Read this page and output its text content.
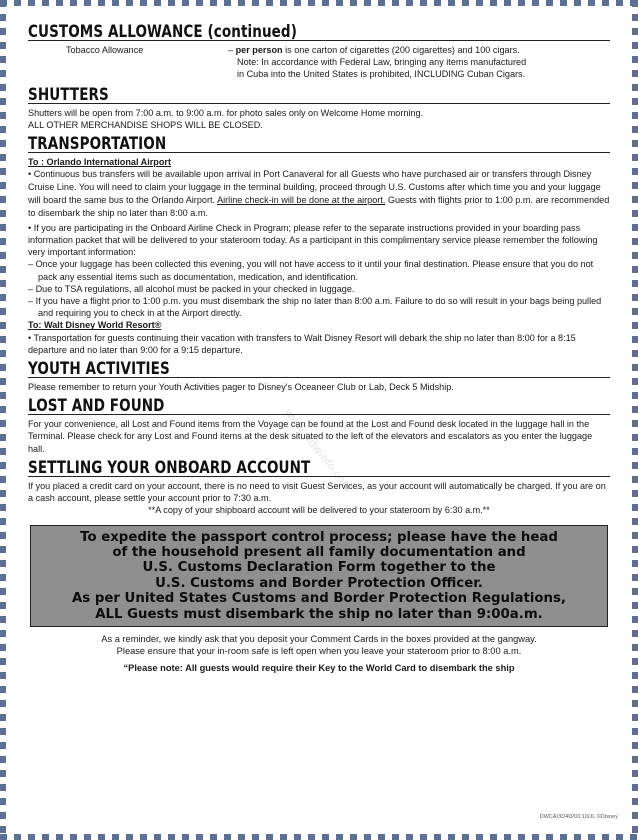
CUSTOMS ALLOWANCE (continued)
Tobacco Allowance	– per person is one carton of cigarettes (200 cigarettes) and 100 cigars.
Note: In accordance with Federal Law, bringing any items manufactured
in Cuba into the United States is prohibited, INCLUDING Cuban Cigars.
SHUTTERS

Shutters will be open from 7:00 a.m. to 9:00 a.m. for photo sales only on Welcome Home morning.

ALL OTHER MERCHANDISE SHOPS WILL BE CLOSED.

TRANSPORTATION

To : Orlando International Airport

• Continuous bus transfers will be available upon arrival in Port Canaveral for all Guests who have purchased air or transfers through Disney Cruise Line. You will need to claim your luggage in the terminal building, proceed through U.S. Customs after which time you and your luggage will board the same bus to the Orlando Airport. Airline check-in will be done at the airport. Guests with flights prior to 1:00 p.m. are recommended to disembark the ship no later than 8:00 a.m.

• If you are participating in the Onboard Airline Check in Program; please refer to the separate instructions provided in your boarding pass information packet that will be delivered to your stateroom today. As a participant in this complimentary service please remember the following very important information:

– Once your luggage has been collected this evening, you will not have access to it until your final destination. Please ensure that you do not pack any essential items such as documentation, medication, and identification.

– Due to TSA regulations, all alcohol must be packed in your checked in luggage.

– If you have a flight prior to 1:00 p.m. you must disembark the ship no later than 8:00 a.m. Failure to do so will result in your bags being pulled and requiring you to check in at the Airport directly.

To: Walt Disney World Resort®

• Transportation for guests continuing their vacation with transfers to Walt Disney Resort will debark the ship no later than 8:00 for a 8:15 departure and no later than 9:00 for a 9:15 departure.

YOUTH ACTIVITIES

Please remember to return your Youth Activities pager to Disney's Oceaneer Club or Lab, Deck 5 Midship.

LOST AND FOUND

For your convenience, all Lost and Found items from the Voyage can be found at the Lost and Found desk located in the luggage hall in the Terminal. Please check for any Lost and Found items at the desk situated to the left of the elevators and escalators as you enter the luggage hall.

SETTLING YOUR ONBOARD ACCOUNT

If you placed a credit card on your account, there is no need to visit Guest Services, as your account will automatically be charged. If you are on a cash account, please settle your account prior to 7:30 a.m.

**A copy of your shipboard account will be delivered to your stateroom by 6:30 a.m.**

To expedite the passport control process; please have the head
of the household present all family documentation and
U.S. Customs Declaration Form together to the
U.S. Customs and Border Protection Officer.
As per United States Customs and Border Protection Regulations,
ALL Guests must disembark the ship no later than 9:00a.m.

As a reminder, we kindly ask that you deposit your Comment Cards in the boxes provided at the gangway.

Please ensure that your in-room safe is left open when you leave your stateroom prior to 8:00 a.m.

“Please note: All guests would require their Key to the World Card to disembark the ship

www.wdwinfo.com
DWCA/3D4D/03.10/JL ©Disney
